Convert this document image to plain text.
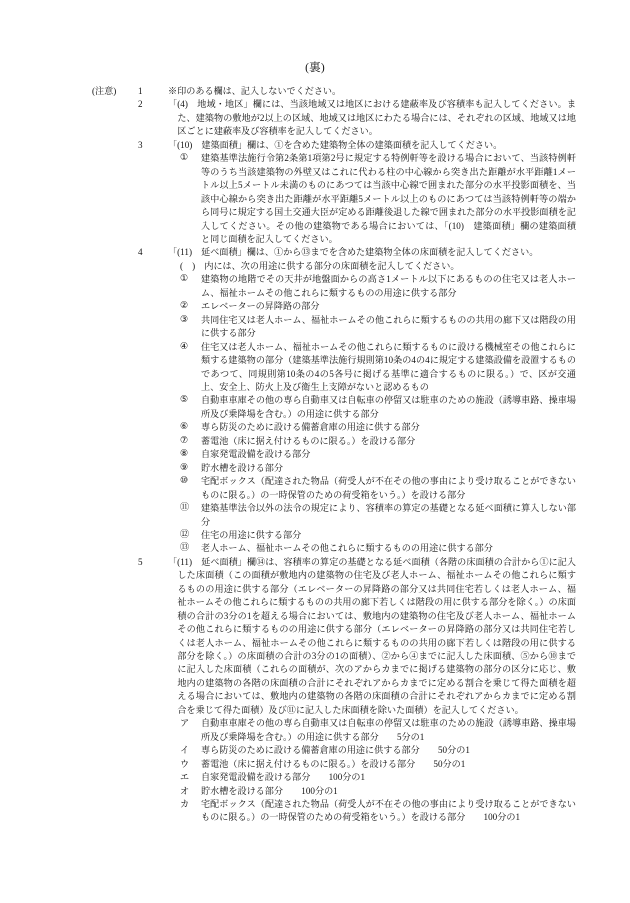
(裏)
(注意)	1	※印のある欄は、記入しないでください。
2	「(4)　地域・地区」欄には、当該地域又は地区における建蔽率及び容積率も記入してください。また、建築物の敷地が2以上の区域、地域又は地区にわたる場合には、それぞれの区域、地域又は地区ごとに建蔽率及び容積率を記入してください。
3	「(10)　建築面積」欄は、①を含めた建築物全体の建築面積を記入してください。
①	建築基準法施行令第2条第1項第2号に規定する特例軒等を設ける場合において、当該特例軒等のうち当該建築物の外壁又はこれに代わる柱の中心線から突き出た距離が水平距離1メートル以上5メートル未満のものにあつては当該中心線で囲まれた部分の水平投影面積を、当該中心線から突き出た距離が水平距離5メートル以上のものにあつては当該特例軒等の端から同号に規定する国土交通大臣が定める距離後退した線で囲まれた部分の水平投影面積を記入してください。その他の建築物である場合においては、「(10)　建築面積」欄の建築面積と同じ面積を記入してください。
4	「(11)　延べ面積」欄は、①から⑬までを含めた建築物全体の床面積を記入してください。
(　)　内には、次の用途に供する部分の床面積を記入してください。
①	建築物の地階でその天井が地盤面からの高さ1メートル以下にあるものの住宅又は老人ホーム、福祉ホームその他これらに類するものの用途に供する部分
②	エレベーターの昇降路の部分
③	共同住宅又は老人ホーム、福祉ホームその他これらに類するものの共用の廊下又は階段の用に供する部分
④	住宅又は老人ホーム、福祉ホームその他これらに類するものに設ける機械室その他これらに類する建築物の部分（建築基準法施行規則第10条の4の4に規定する建築設備を設置するものであつて、同規則第10条の4の5各号に掲げる基準に適合するものに限る。）で、区が交通上、安全上、防火上及び衛生上支障がないと認めるもの
⑤	自動車車庫その他の専ら自動車又は自転車の停留又は駐車のための施設（誘導車路、操車場所及び乗降場を含む。）の用途に供する部分
⑥	専ら防災のために設ける備蓄倉庫の用途に供する部分
⑦	蓄電池（床に据え付けるものに限る。）を設ける部分
⑧	自家発電設備を設ける部分
⑨	貯水槽を設ける部分
⑩	宅配ボックス（配達された物品（荷受人が不在その他の事由により受け取ることができないものに限る。）の一時保管のための荷受箱をいう。）を設ける部分
⑪	建築基準法令以外の法令の規定により、容積率の算定の基礎となる延べ面積に算入しない部分
⑫	住宅の用途に供する部分
⑬	老人ホーム、福祉ホームその他これらに類するものの用途に供する部分
5	「(11)　延べ面積」欄⑭は、容積率の算定の基礎となる延べ面積（各階の床面積の合計から①に記入した床面積（この面積が敷地内の建築物の住宅及び老人ホーム、福祉ホームその他これらに類するものの用途に供する部分（エレベーターの昇降路の部分又は共同住宅若しくは老人ホーム、福祉ホームその他これらに類するものの共用の廊下若しくは階段の用に供する部分を除く。）の床面積の合計の3分の1を超える場合においては、敷地内の建築物の住宅及び老人ホーム、福祉ホームその他これらに類するものの用途に供する部分（エレベーターの昇降路の部分又は共同住宅若しくは老人ホーム、福祉ホームその他これらに類するものの共用の廊下若しくは階段の用に供する部分を除く。）の床面積の合計の3分の1の面積）、②から④までに記入した床面積、⑤から⑩までに記入した床面積（これらの面積が、次のアからカまでに掲げる建築物の部分の区分に応じ、敷地内の建築物の各階の床面積の合計にそれぞれアからカまでに定める割合を乗じて得た面積を超える場合においては、敷地内の建築物の各階の床面積の合計にそれぞれアからカまでに定める割合を乗じて得た面積）及び⑪に記入した床面積を除いた面積）を記入してください。
ア	自動車車庫その他の専ら自動車又は自転車の停留又は駐車のための施設（誘導車路、操車場所及び乗降場を含む。）の用途に供する部分　　5分の1
イ	専ら防災のために設ける備蓄倉庫の用途に供する部分　　50分の1
ウ	蓄電池（床に据え付けるものに限る。）を設ける部分　　50分の1
エ	自家発電設備を設ける部分　　100分の1
オ	貯水槽を設ける部分　　100分の1
カ	宅配ボックス（配達された物品（荷受人が不在その他の事由により受け取ることができないものに限る。）の一時保管のための荷受箱をいう。）を設ける部分　　100分の1
